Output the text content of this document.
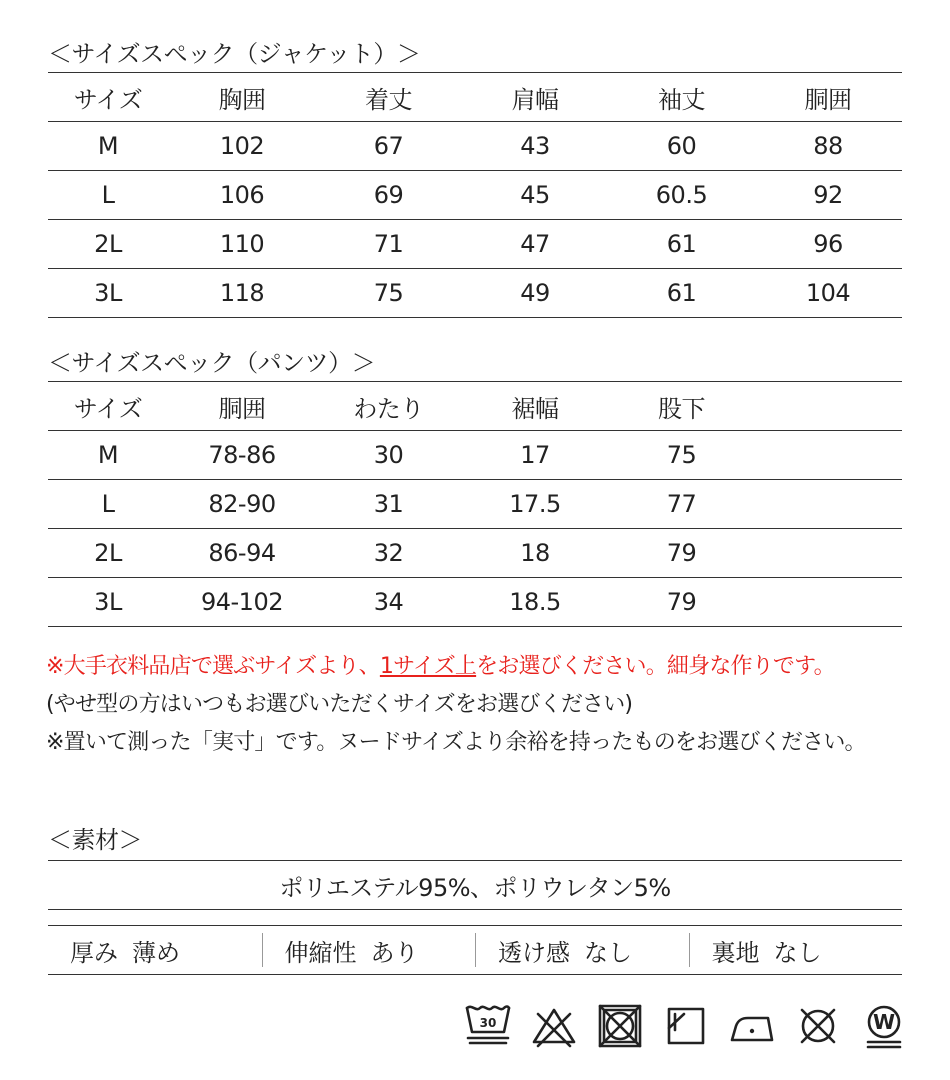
＜サイズスペック（ジャケット）＞
サイズ	胸囲	着丈	肩幅	袖丈	胴囲
M	102	67	43	60	88
L	106	69	45	60.5	92
2L	110	71	47	61	96
3L	118	75	49	61	104
＜サイズスペック（パンツ）＞
サイズ	胴囲	わたり	裾幅	股下	
M	78-86	30	17	75	
L	82-90	31	17.5	77	
2L	86-94	32	18	79	
3L	94-102	34	18.5	79	
※大手衣料品店で選ぶサイズより、1サイズ上をお選びください。細身な作りです。
(やせ型の方はいつもお選びいただくサイズをお選びください)
※置いて測った「実寸」です。ヌードサイズより余裕を持ったものをお選びください。
＜素材＞
ポリエステル95%、ポリウレタン5%
厚み 薄め	伸縮性 あり	透け感 なし	裏地 なし
30	W
